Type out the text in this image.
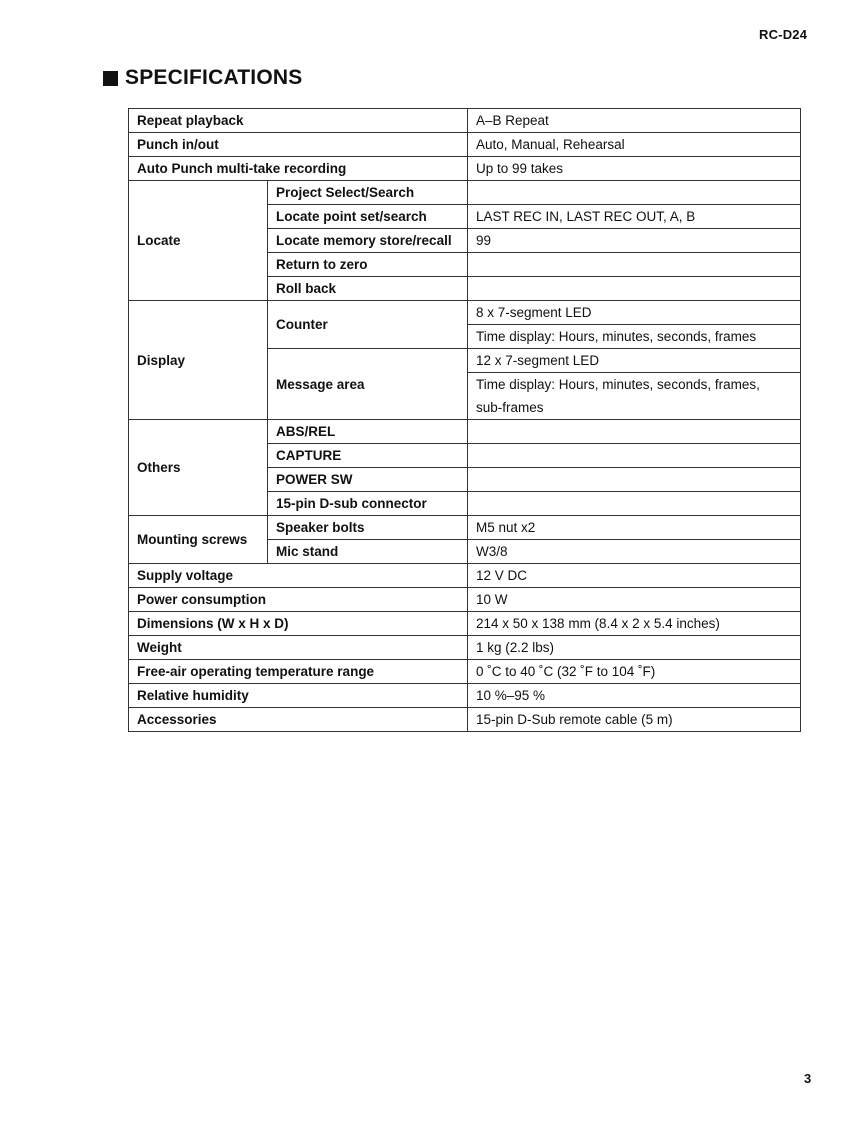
RC-D24
SPECIFICATIONS
Repeat playback		A–B Repeat
Punch in/out		Auto, Manual, Rehearsal
Auto Punch multi-take recording		Up to 99 takes
Locate	Project Select/Search	
	Locate point set/search	LAST REC IN, LAST REC OUT, A, B
	Locate memory store/recall	99
	Return to zero	
	Roll back	
Display	Counter	8 x 7-segment LED
		Time display: Hours, minutes, seconds, frames
	Message area	12 x 7-segment LED
		Time display: Hours, minutes, seconds, frames,
		sub-frames
Others	ABS/REL	
	CAPTURE	
	POWER SW	
	15-pin D-sub connector	
Mounting screws	Speaker bolts	M5 nut x2
	Mic stand	W3/8
Supply voltage		12 V DC
Power consumption		10 W
Dimensions (W x H x D)		214 x 50 x 138 mm (8.4 x 2 x 5.4 inches)
Weight		1 kg (2.2 lbs)
Free-air operating temperature range		0 ˚C to 40 ˚C (32 ˚F to 104 ˚F)
Relative humidity		10 %–95 %
Accessories		15-pin D-Sub remote cable (5 m)
3
